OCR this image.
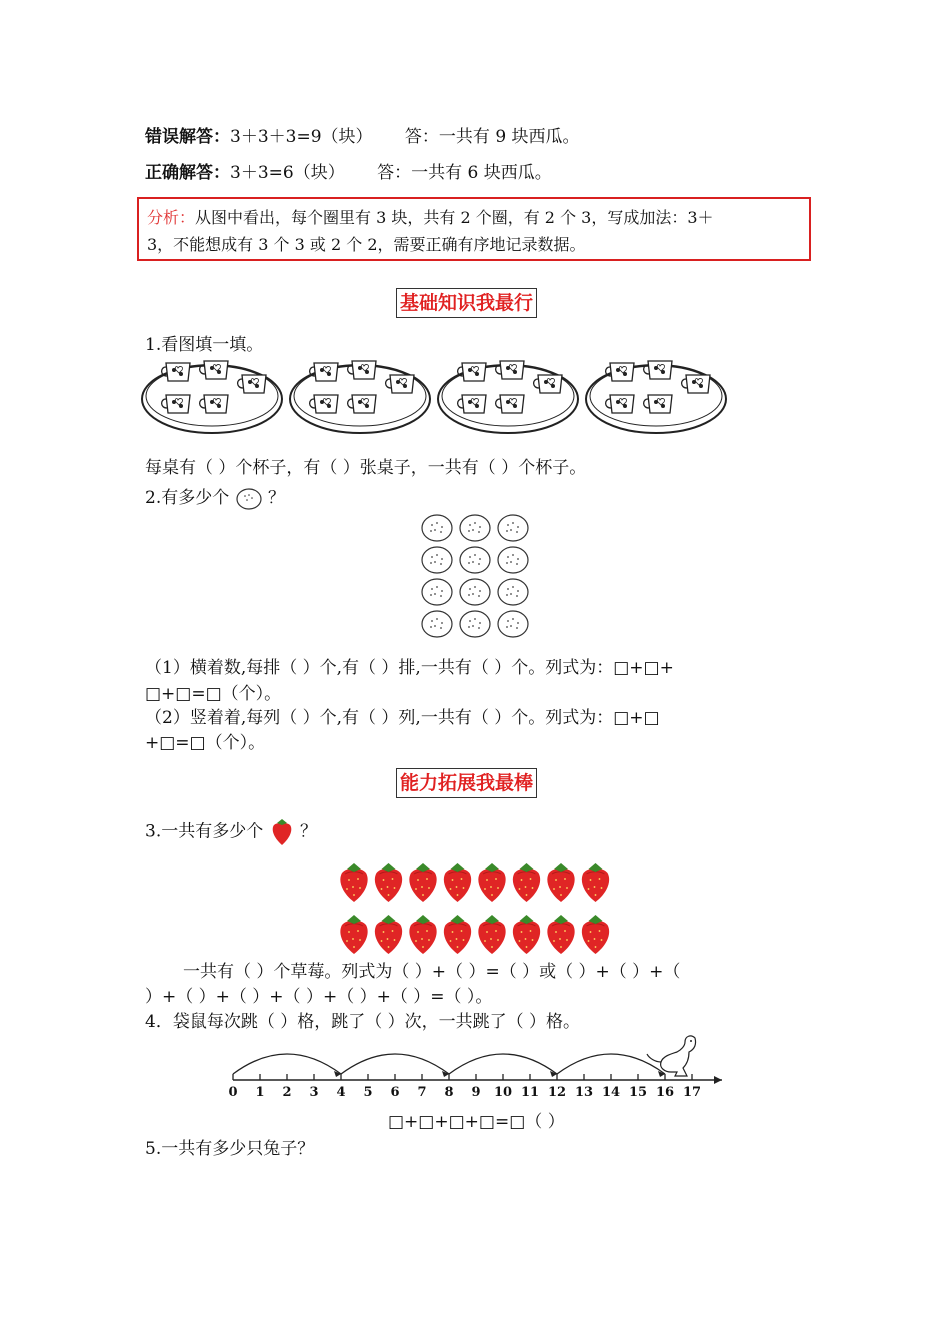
错误解答：3＋3＋3=9（块）      答：一共有 9 块西瓜。
正确解答：3＋3=6（块）      答：一共有 6 块西瓜。
分析：从图中看出，每个圈里有 3 块，共有 2 个圈，有 2 个 3，写成加法：3＋
3，不能想成有 3 个 3 或 2 个 2，需要正确有序地记录数据。
基础知识我最行
1.看图填一填。
每桌有（ ）个杯子，有（ ）张桌子，一共有（ ）个杯子。
2.有多少个 ？
（1）横着数,每排（ ）个,有（ ）排,一共有（ ）个。列式为：□+□+
□+□=□（个）。
（2）竖着着,每列（ ）个,有（ ）列,一共有（ ）个。列式为：□+□
+□=□（个）。
能力拓展我最棒
3.一共有多少个 ？
一共有（ ）个草莓。列式为（ ）+（ ）=（ ）或（ ）+（ ）+（
）+（ ）+（ ）+（ ）+（ ）+（ ）=（ ）。
4．袋鼠每次跳（ ）格，跳了（ ）次，一共跳了（ ）格。
0 1 2 3 4 5 6 7 8 9 10 11 12 13 14 15 16 17
□+□+□+□=□（ ）
5.一共有多少只兔子？
